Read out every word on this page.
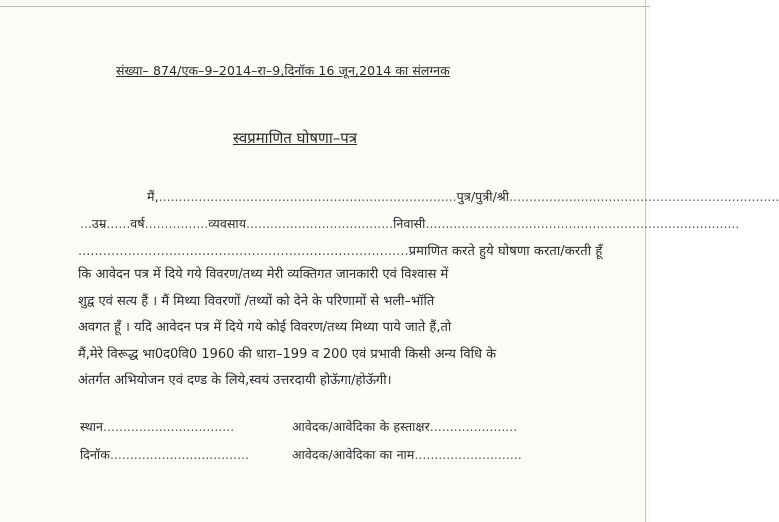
संख्या– 874/एक–9–2014–रा–9,दिनॉक 16 जून,2014 का संलग्नक
स्वप्रमाणित घोषणा–पत्र
मैं,...........................................................................पुत्र/पुत्री/श्री....................................................................
...उम्र......वर्ष................व्यवसाय.....................................निवासी...............................................................................
................................................................................प्रमाणित करते हुये घोषणा करता/करती हूँ
कि आवेदन पत्र में दिये गये विवरण/तथ्य मेरी व्यक्तिगत जानकारी एवं विश्वास में
शुद्व एवं सत्य हैं । मैं मिथ्या विवरणों /तथ्यों को देने के परिणामों से भली–भॉति
अवगत हूँ । यदि आवेदन पत्र में दिये गये कोई विवरण/तथ्य मिथ्या पाये जाते हैं,तो
मैं,मेरे विरूद्ध भा0द0वि0 1960 की धारा–199 व 200 एवं प्रभावी किसी अन्य विधि के
अंतर्गत अभियोजन एवं दण्ड के लिये,स्वयं उत्तरदायी होऊॅगा/होऊॅगी।
स्थान.................................
दिनॉक...................................
आवेदक/आवेदिका के हस्ताक्षर......................
आवेदक/आवेदिका का नाम...........................
